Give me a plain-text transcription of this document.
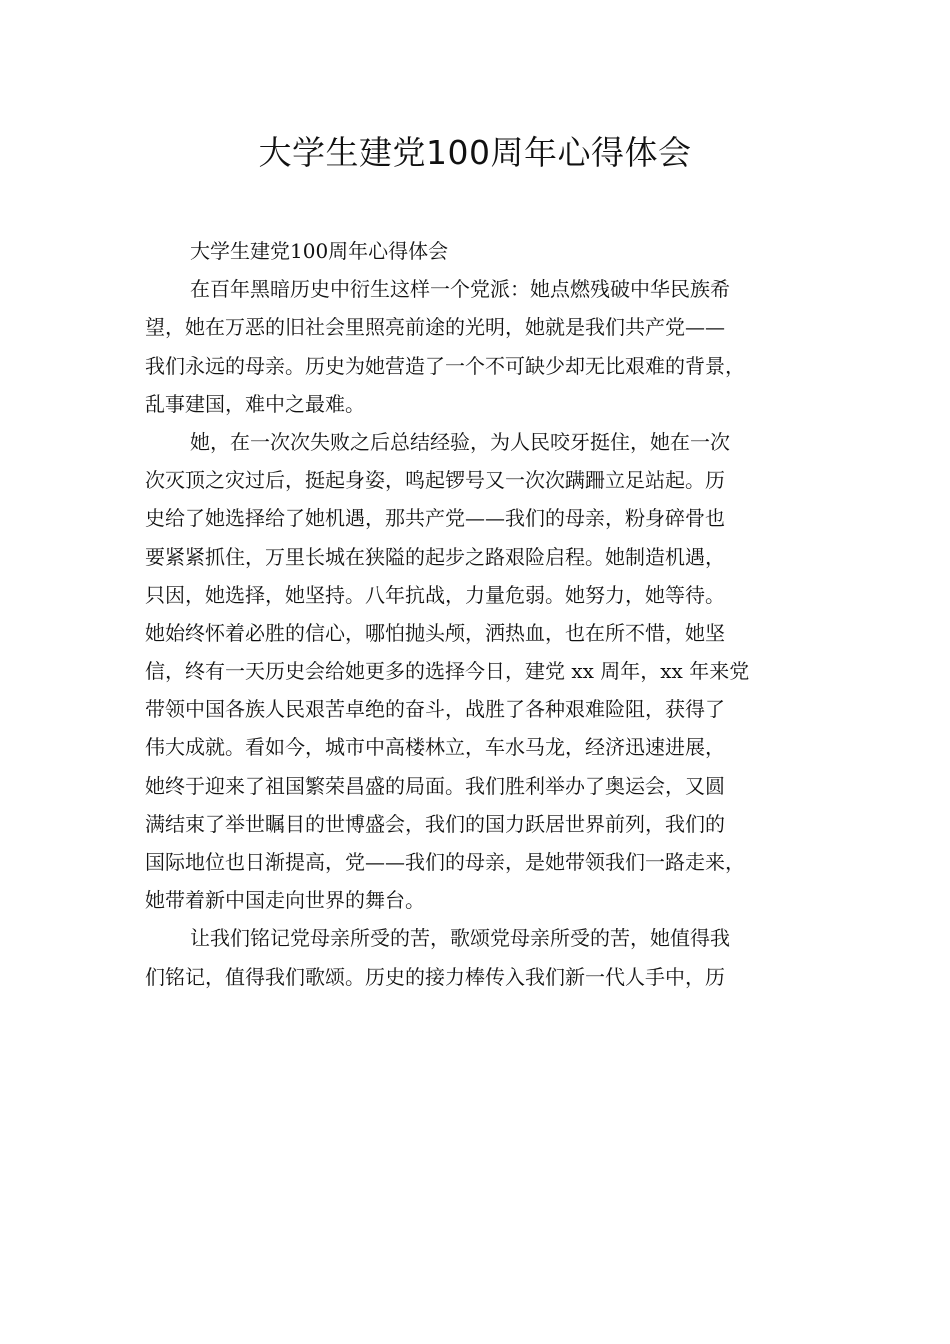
大学生建党100周年心得体会

大学生建党100周年心得体会

在百年黑暗历史中衍生这样一个党派：她点燃残破中华民族希
望，她在万恶的旧社会里照亮前途的光明，她就是我们共产党——
我们永远的母亲。历史为她营造了一个不可缺少却无比艰难的背景，
乱事建国，难中之最难。

她，在一次次失败之后总结经验，为人民咬牙挺住，她在一次
次灭顶之灾过后，挺起身姿，鸣起锣号又一次次蹒跚立足站起。历
史给了她选择给了她机遇，那共产党——我们的母亲，粉身碎骨也
要紧紧抓住，万里长城在狭隘的起步之路艰险启程。她制造机遇，
只因，她选择，她坚持。八年抗战，力量危弱。她努力，她等待。
她始终怀着必胜的信心，哪怕抛头颅，洒热血，也在所不惜，她坚
信，终有一天历史会给她更多的选择今日，建党 xx 周年，xx 年来党
带领中国各族人民艰苦卓绝的奋斗，战胜了各种艰难险阻，获得了
伟大成就。看如今，城市中高楼林立，车水马龙，经济迅速进展，
她终于迎来了祖国繁荣昌盛的局面。我们胜利举办了奥运会，又圆
满结束了举世瞩目的世博盛会，我们的国力跃居世界前列，我们的
国际地位也日渐提高，党——我们的母亲，是她带领我们一路走来，
她带着新中国走向世界的舞台。

让我们铭记党母亲所受的苦，歌颂党母亲所受的苦，她值得我
们铭记，值得我们歌颂。历史的接力棒传入我们新一代人手中，历
